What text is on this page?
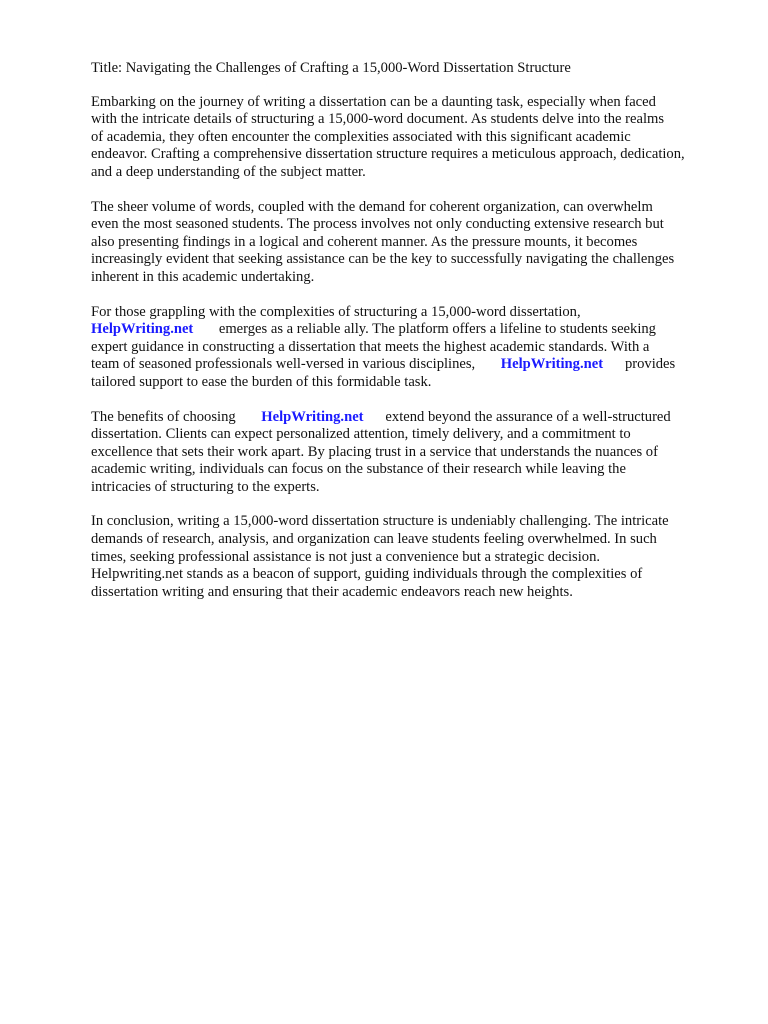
Title: Navigating the Challenges of Crafting a 15,000-Word Dissertation Structure
Embarking on the journey of writing a dissertation can be a daunting task, especially when faced
with the intricate details of structuring a 15,000-word document. As students delve into the realms
of academia, they often encounter the complexities associated with this significant academic
endeavor. Crafting a comprehensive dissertation structure requires a meticulous approach, dedication,
and a deep understanding of the subject matter.
The sheer volume of words, coupled with the demand for coherent organization, can overwhelm
even the most seasoned students. The process involves not only conducting extensive research but
also presenting findings in a logical and coherent manner. As the pressure mounts, it becomes
increasingly evident that seeking assistance can be the key to successfully navigating the challenges
inherent in this academic undertaking.
For those grappling with the complexities of structuring a 15,000-word dissertation,
HelpWriting.net emerges as a reliable ally. The platform offers a lifeline to students seeking
expert guidance in constructing a dissertation that meets the highest academic standards. With a
team of seasoned professionals well-versed in various disciplines, HelpWriting.net provides
tailored support to ease the burden of this formidable task.
The benefits of choosing HelpWriting.net extend beyond the assurance of a well-structured
dissertation. Clients can expect personalized attention, timely delivery, and a commitment to
excellence that sets their work apart. By placing trust in a service that understands the nuances of
academic writing, individuals can focus on the substance of their research while leaving the
intricacies of structuring to the experts.
In conclusion, writing a 15,000-word dissertation structure is undeniably challenging. The intricate
demands of research, analysis, and organization can leave students feeling overwhelmed. In such
times, seeking professional assistance is not just a convenience but a strategic decision.
Helpwriting.net stands as a beacon of support, guiding individuals through the complexities of
dissertation writing and ensuring that their academic endeavors reach new heights.
